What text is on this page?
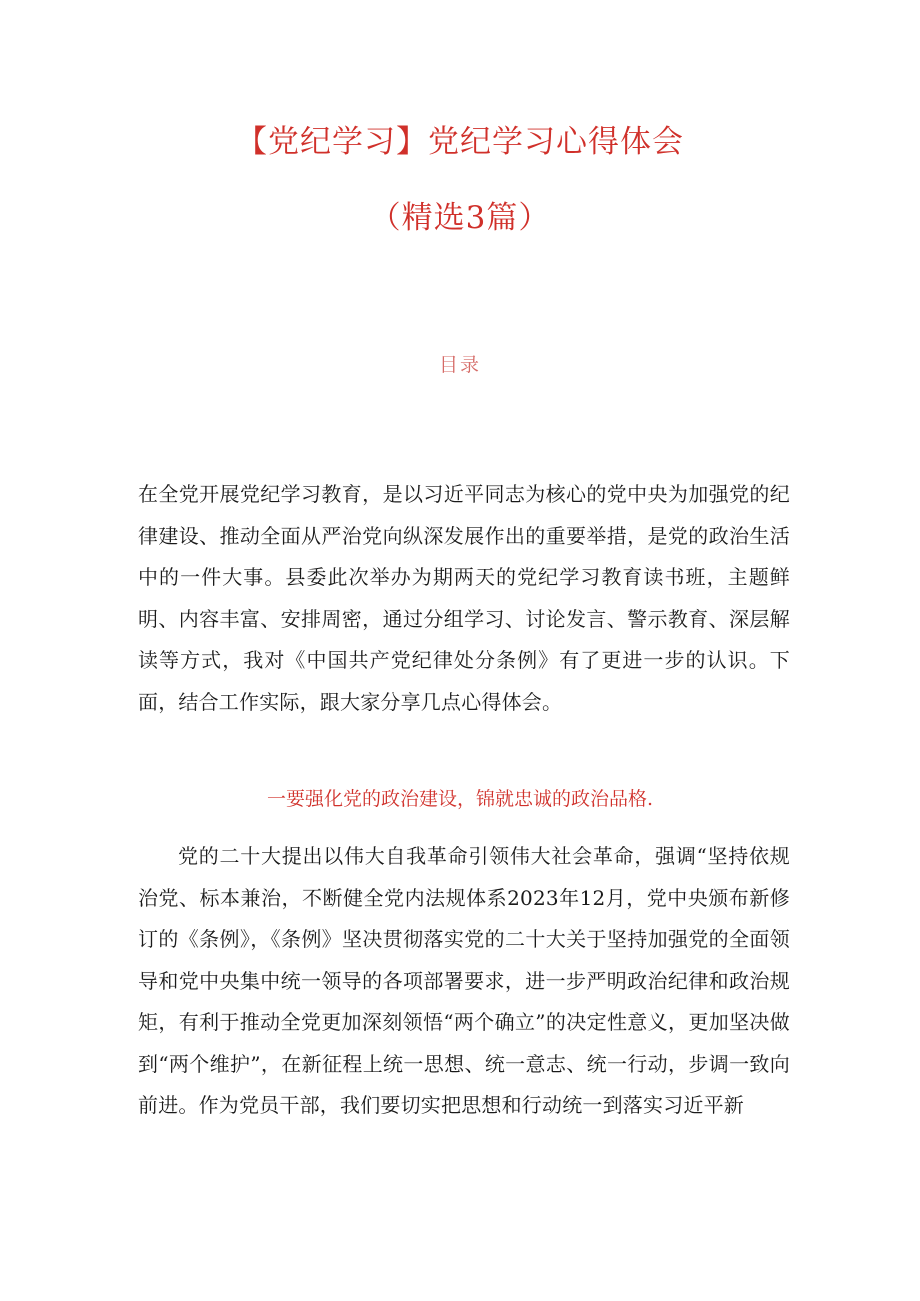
【党纪学习】党纪学习心得体会
（精选3篇）
目录

在全党开展党纪学习教育，是以习近平同志为核心的党中央为加强党的纪律建设、推动全面从严治党向纵深发展作出的重要举措，是党的政治生活中的一件大事。县委此次举办为期两天的党纪学习教育读书班，主题鲜明、内容丰富、安排周密，通过分组学习、讨论发言、警示教育、深层解读等方式，我对《中国共产党纪律处分条例》有了更进一步的认识。下面，结合工作实际，跟大家分享几点心得体会。

一要强化党的政治建设，锦就忠诚的政治品格.

党的二十大提出以伟大自我革命引领伟大社会革命，强调“坚持依规治党、标本兼治，不断健全党内法规体系2023年12月，党中央颁布新修订的《条例》，《条例》坚决贯彻落实党的二十大关于坚持加强党的全面领导和党中央集中统一领导的各项部署要求，进一步严明政治纪律和政治规矩，有利于推动全党更加深刻领悟“两个确立”的决定性意义，更加坚决做到“两个维护”，在新征程上统一思想、统一意志、统一行动，步调一致向前进。作为党员干部，我们要切实把思想和行动统一到落实习近平新
